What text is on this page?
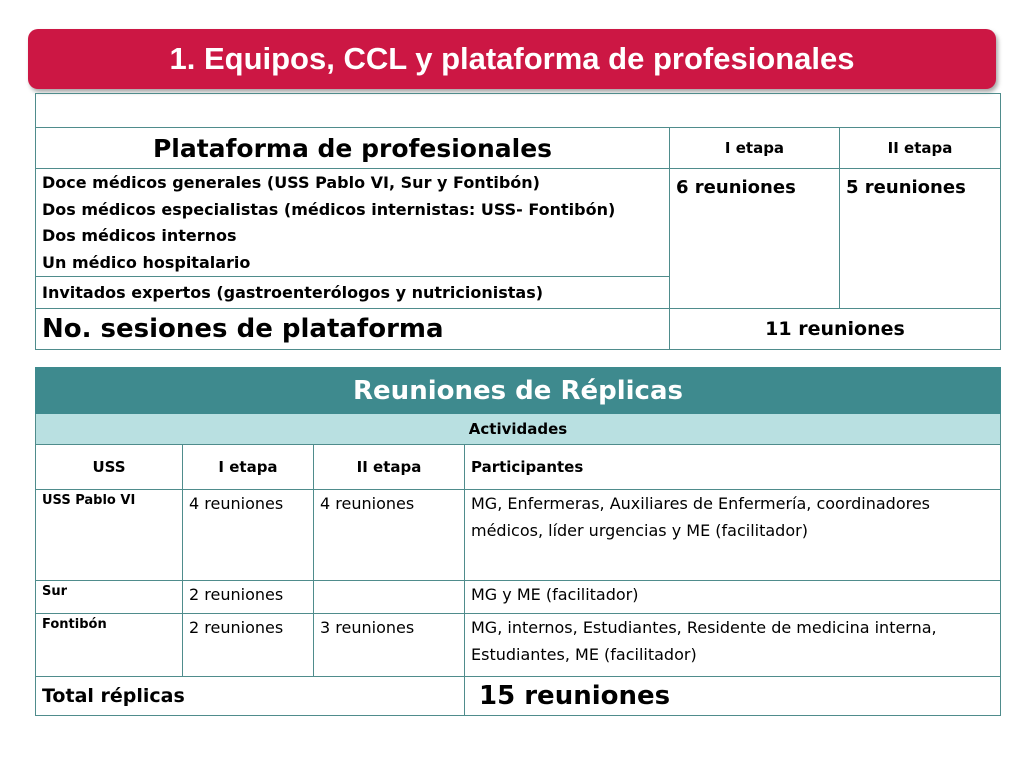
1. Equipos, CCL y plataforma de profesionales

Plataforma de profesionales	I etapa	II etapa

Doce médicos generales (USS Pablo VI, Sur y Fontibón)
Dos médicos especialistas (médicos internistas: USS- Fontibón)
Dos médicos internos
Un médico hospitalario	6 reuniones	5 reuniones
Invitados expertos (gastroenterólogos y nutricionistas)		
No. sesiones de plataforma	11 reuniones	
Reuniones de Réplicas			
Actividades			
USS	I etapa	II etapa	Participantes
USS Pablo VI	4 reuniones	4 reuniones	MG, Enfermeras, Auxiliares de Enfermería, coordinadores médicos, líder urgencias y ME (facilitador)
Sur	2 reuniones		MG y ME (facilitador)
Fontibón	2 reuniones	3 reuniones	MG, internos, Estudiantes, Residente de medicina interna, Estudiantes, ME (facilitador)
Total réplicas			15 reuniones
